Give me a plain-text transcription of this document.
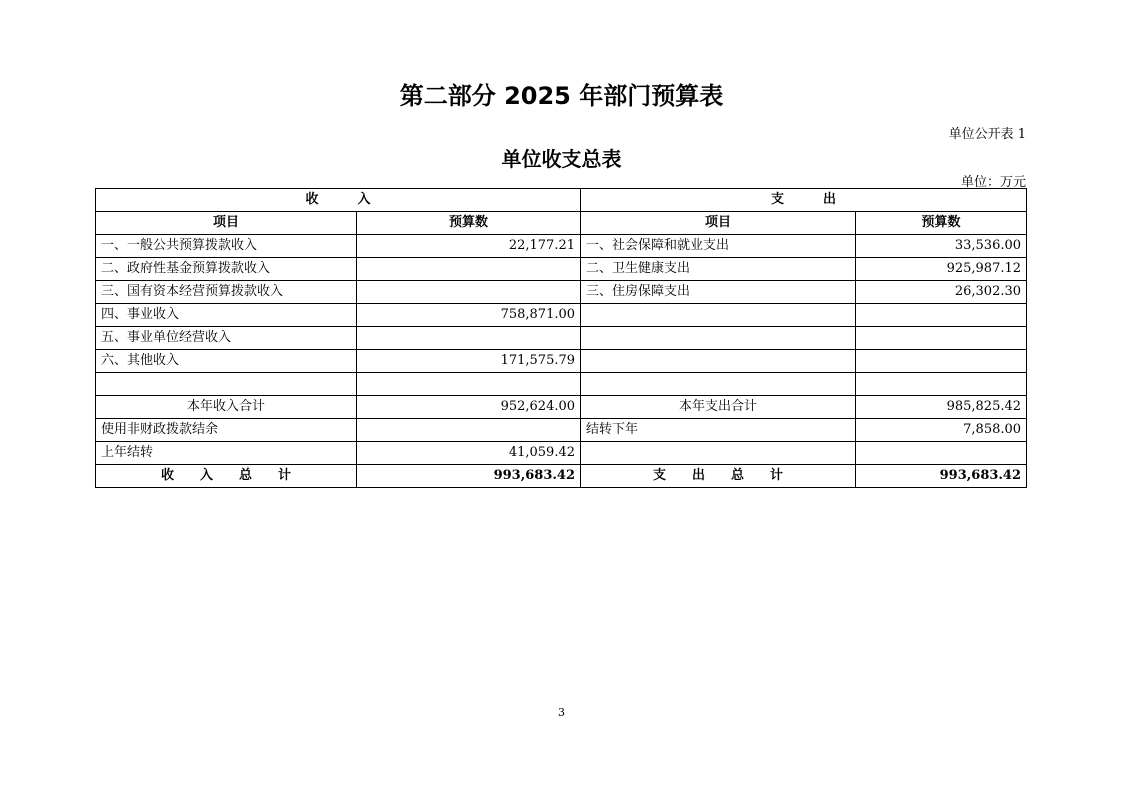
第二部分 2025 年部门预算表
单位公开表 1
单位收支总表
单位：万元
收　　　入		支　　　出	
项目	预算数	项目	预算数
一、一般公共预算拨款收入	22,177.21	一、社会保障和就业支出	33,536.00
二、政府性基金预算拨款收入		二、卫生健康支出	925,987.12
三、国有资本经营预算拨款收入		三、住房保障支出	26,302.30
四、事业收入	758,871.00		
五、事业单位经营收入			
六、其他收入	171,575.79		

本年收入合计	952,624.00	本年支出合计	985,825.42
使用非财政拨款结余		结转下年	7,858.00
上年结转	41,059.42		
收　　入　　总　　计	993,683.42	支　　出　　总　　计	993,683.42
3
